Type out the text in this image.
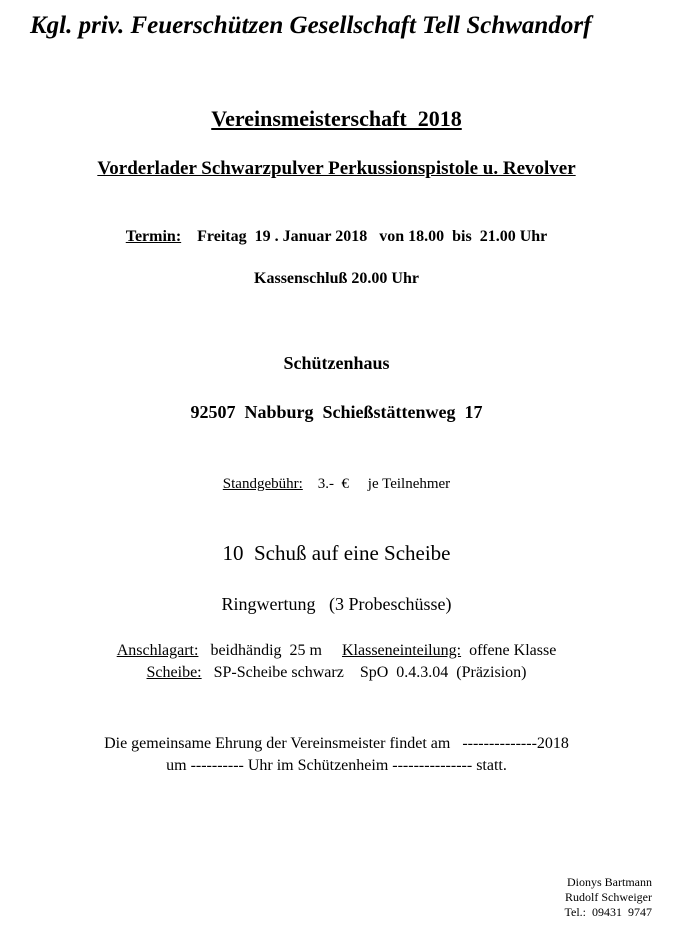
Kgl. priv. Feuerschützen Gesellschaft Tell Schwandorf
Vereinsmeisterschaft  2018
Vorderlader Schwarzpulver Perkussionspistole u. Revolver
Termin:    Freitag  19 . Januar 2018   von 18.00  bis  21.00 Uhr
Kassenschluß 20.00 Uhr
Schützenhaus
92507  Nabburg  Schießstättenweg  17
Standgebühr:    3.-  €     je Teilnehmer
10  Schuß auf eine Scheibe
Ringwertung   (3 Probeschüsse)
Anschlagart:   beidhändig  25 m     Klasseneinteilung:  offene Klasse
Scheibe:   SP-Scheibe schwarz    SpO  0.4.3.04  (Präzision)
Die gemeinsame Ehrung der Vereinsmeister findet am   --------------2018
um ---------- Uhr im Schützenheim --------------- statt.
Dionys Bartmann
Rudolf Schweiger
Tel.:  09431  9747
